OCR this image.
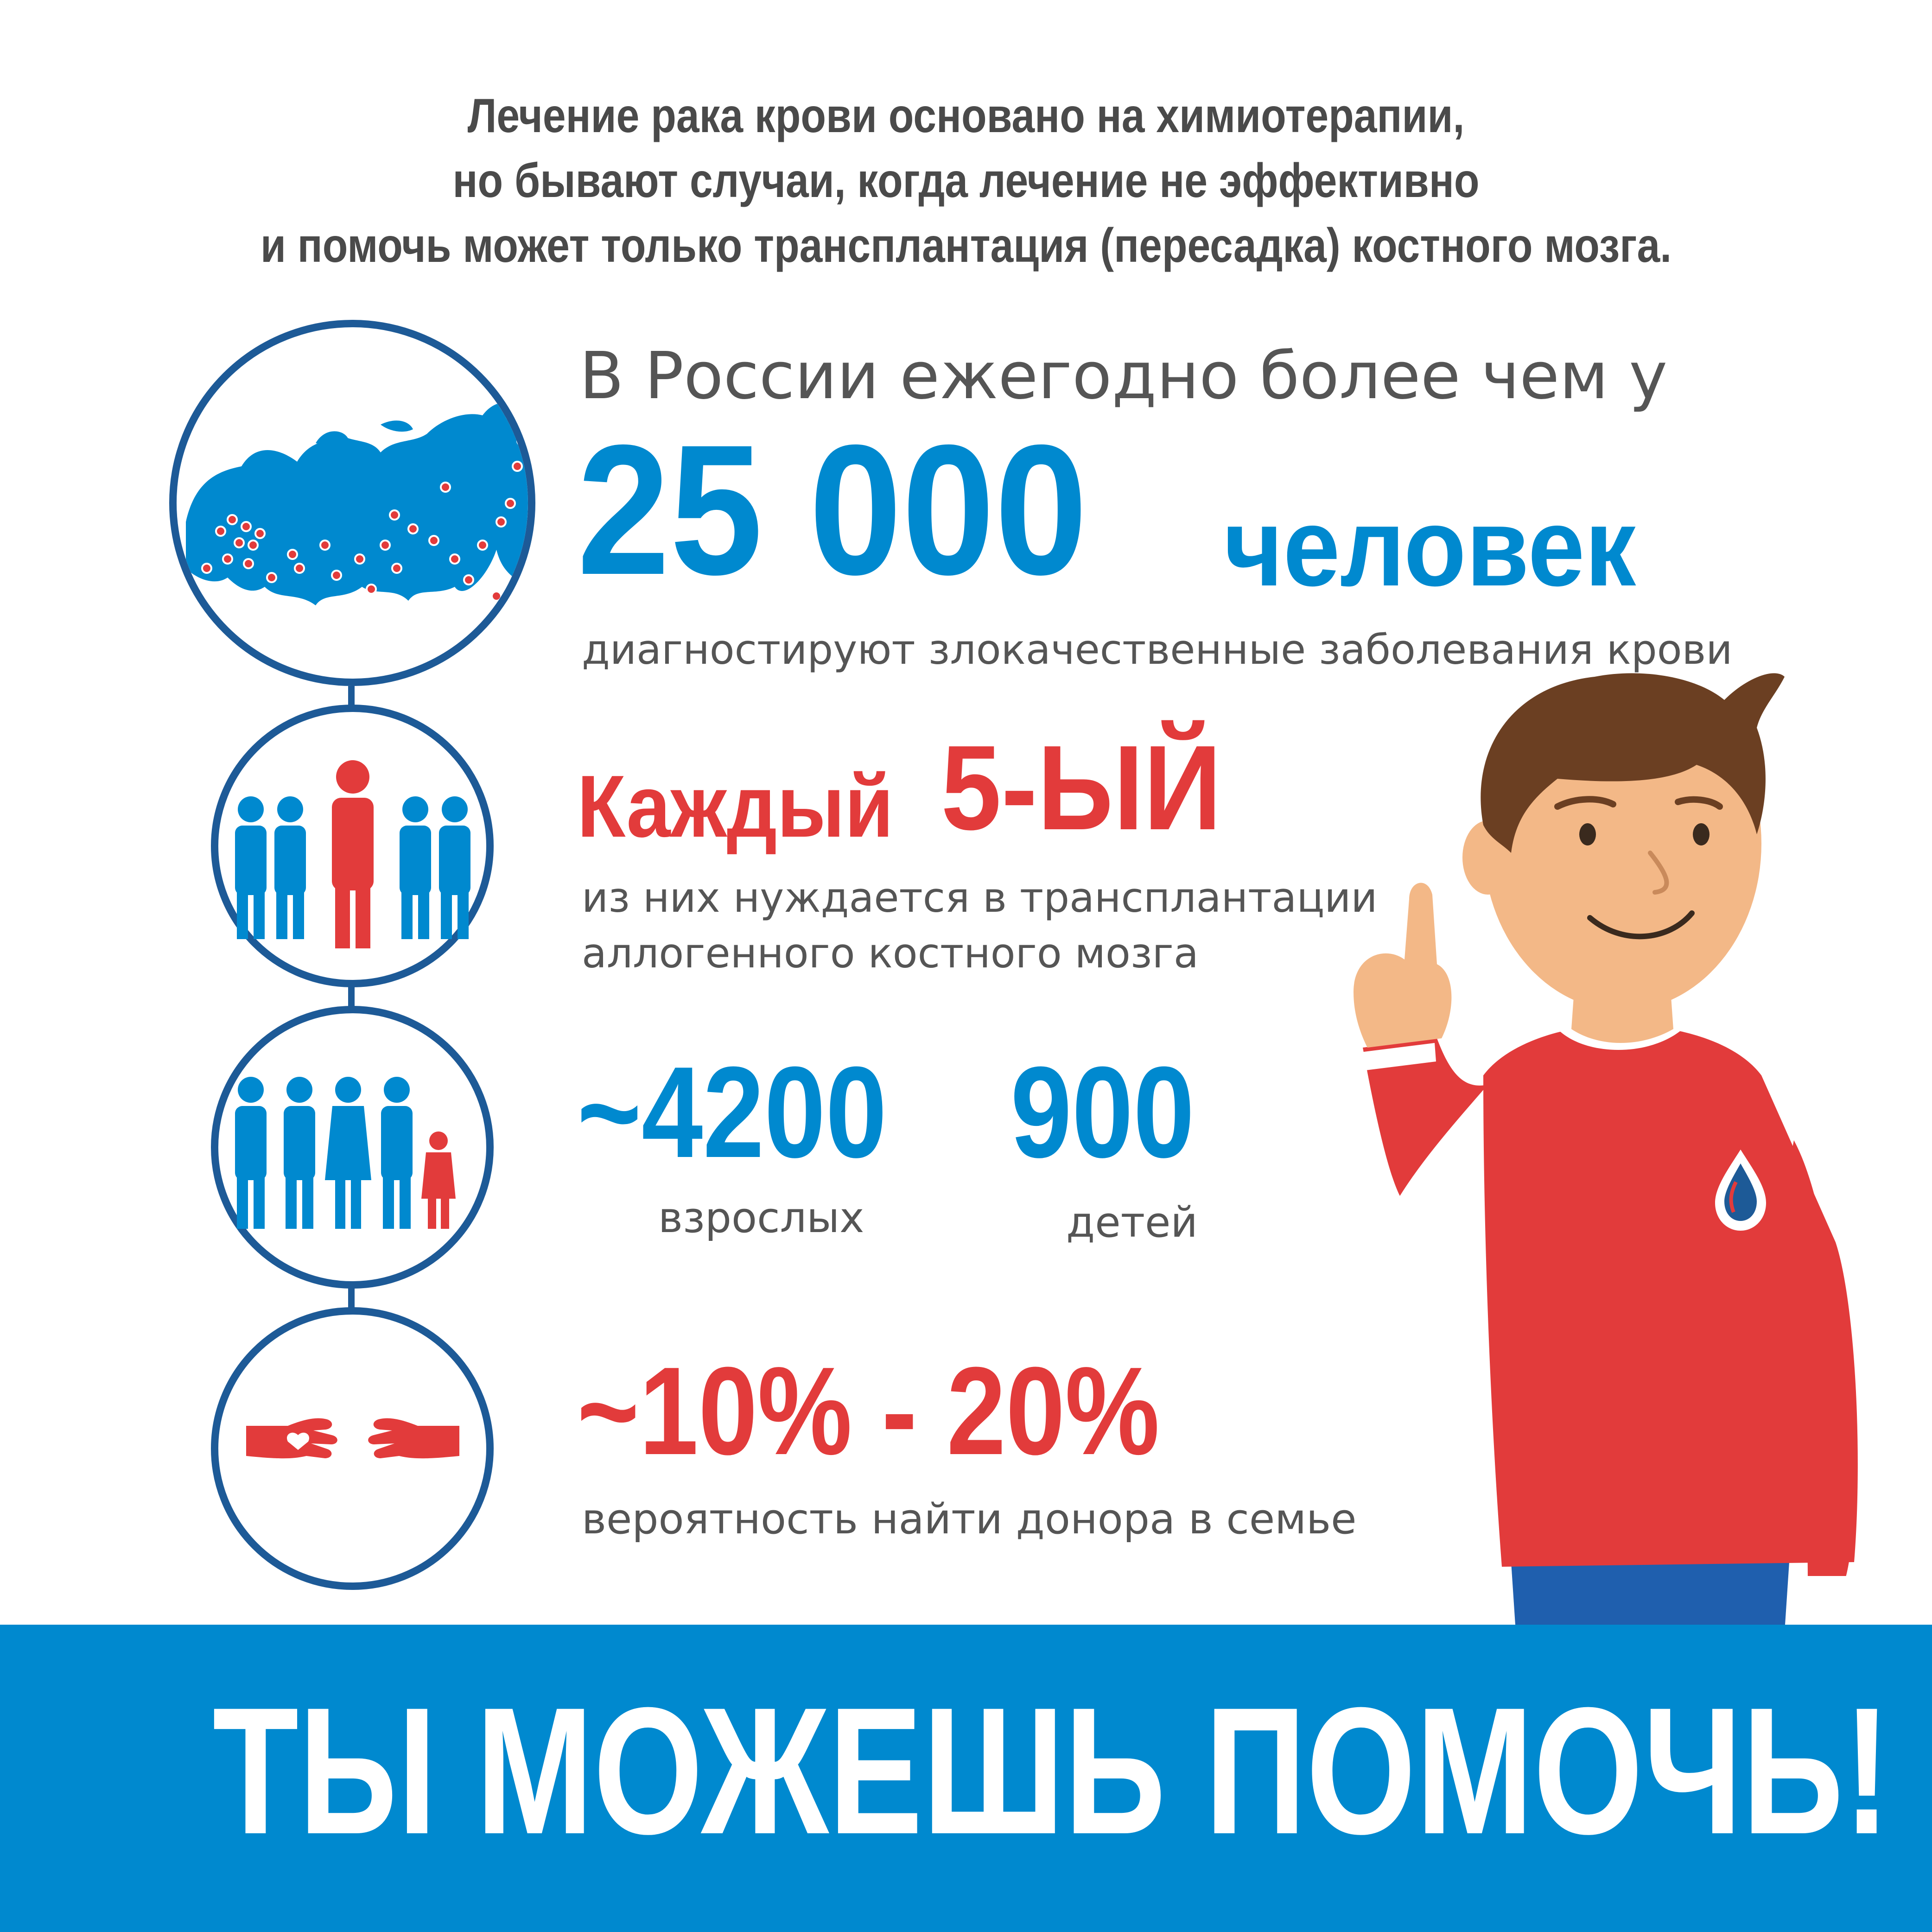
Лечение рака крови основано на химиотерапии,
но бывают случаи, когда лечение не эффективно
и помочь может только трансплантация (пересадка) костного мозга.
В России ежегодно более чем у
25 000 человек
диагностируют злокачественные заболевания крови
Каждый 5-ЫЙ
из них нуждается в трансплантации
аллогенного костного мозга
~4200
взрослых
900
детей
~10% - 20%
вероятность найти донора в семье
ТЫ МОЖЕШЬ ПОМОЧЬ!
